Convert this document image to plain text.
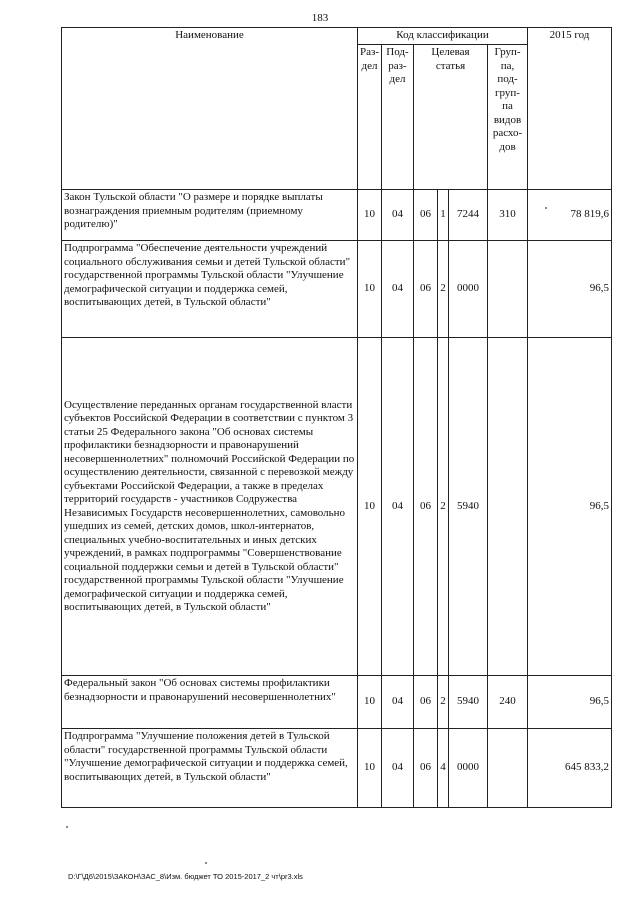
183
Наименование	Код классификации						2015 год
	Раз-дел	Под-раз-дел	Целевая статья			Груп-па, под-груп-па видов расхо-дов	
Закон Тульской области "О размере и порядке выплаты вознаграждения приемным родителям (приемному родителю)"	10	04	06	1	7244	310	78 819,6
Подпрограмма "Обеспечение деятельности учреждений социального обслуживания семьи и детей Тульской области" государственной программы Тульской области "Улучшение демографической ситуации и поддержка семей, воспитывающих детей, в Тульской области"	10	04	06	2	0000		96,5
Осуществление переданных органам государственной власти субъектов Российской Федерации в соответствии с пунктом 3 статьи 25 Федерального закона "Об основах системы профилактики безнадзорности и правонарушений несовершеннолетних" полномочий Российской Федерации по осуществлению деятельности, связанной с перевозкой между субъектами Российской Федерации, а также в пределах территорий государств - участников Содружества Независимых Государств несовершеннолетних, самовольно ушедших из семей, детских домов, школ-интернатов, специальных учебно-воспитательных и иных детских учреждений, в рамках подпрограммы "Совершенствование социальной поддержки семьи и детей в Тульской области" государственной программы Тульской области "Улучшение демографической ситуации и поддержка семей, воспитывающих детей, в Тульской области"	10	04	06	2	5940		96,5
Федеральный закон "Об основах системы профилактики безнадзорности и правонарушений несовершеннолетних"	10	04	06	2	5940	240	96,5
Подпрограмма "Улучшение положения детей в Тульской области" государственной программы Тульской области "Улучшение демографической ситуации и поддержка семей, воспитывающих детей, в Тульской области"	10	04	06	4	0000		645 833,2
D:\Г\Д6\2015\ЗАКОН\ЗАС_8\Изм. бюджет ТО 2015-2017_2 чт\pr3.xls
